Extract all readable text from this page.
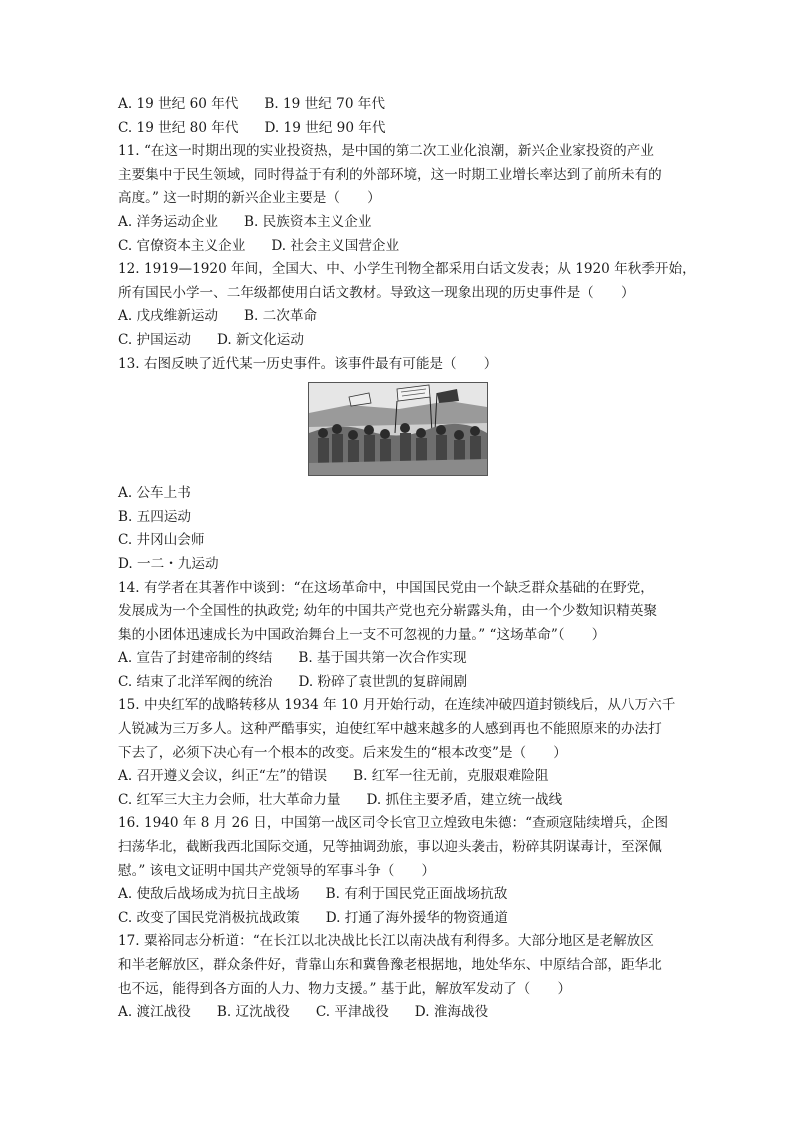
A. 19 世纪 60 年代 B. 19 世纪 70 年代
C. 19 世纪 80 年代 D. 19 世纪 90 年代
11. “在这一时期出现的实业投资热，是中国的第二次工业化浪潮，新兴企业家投资的产业
主要集中于民生领域，同时得益于有利的外部环境，这一时期工业增长率达到了前所未有的
高度。” 这一时期的新兴企业主要是（　　）
A. 洋务运动企业 B. 民族资本主义企业
C. 官僚资本主义企业 D. 社会主义国营企业
12. 1919—1920 年间，全国大、中、小学生刊物全都采用白话文发表；从 1920 年秋季开始，
所有国民小学一、二年级都使用白话文教材。导致这一现象出现的历史事件是（　　）
A. 戊戌维新运动 B. 二次革命
C. 护国运动 D. 新文化运动
13. 右图反映了近代某一历史事件。该事件最有可能是（　　）
A. 公车上书
B. 五四运动
C. 井冈山会师
D. 一二・九运动
14. 有学者在其著作中谈到：“在这场革命中，中国国民党由一个缺乏群众基础的在野党，
发展成为一个全国性的执政党; 幼年的中国共产党也充分崭露头角，由一个少数知识精英聚
集的小团体迅速成长为中国政治舞台上一支不可忽视的力量。” “这场革命”（　　）
A. 宣告了封建帝制的终结 B. 基于国共第一次合作实现
C. 结束了北洋军阀的统治 D. 粉碎了袁世凯的复辟闹剧
15. 中央红军的战略转移从 1934 年 10 月开始行动，在连续冲破四道封锁线后，从八万六千
人锐减为三万多人。这种严酷事实，迫使红军中越来越多的人感到再也不能照原来的办法打
下去了，必须下决心有一个根本的改变。后来发生的“根本改变”是（　　）
A. 召开遵义会议，纠正“左”的错误 B. 红军一往无前，克服艰难险阻
C. 红军三大主力会师，壮大革命力量 D. 抓住主要矛盾，建立统一战线
16. 1940 年 8 月 26 日，中国第一战区司令长官卫立煌致电朱德：“查顽寇陆续增兵，企图
扫荡华北，截断我西北国际交通，兄等抽调劲旅，事以迎头袭击，粉碎其阴谋毒计，至深佩
慰。” 该电文证明中国共产党领导的军事斗争（　　）
A. 使敌后战场成为抗日主战场 B. 有利于国民党正面战场抗敌
C. 改变了国民党消极抗战政策 D. 打通了海外援华的物资通道
17. 粟裕同志分析道：“在长江以北决战比长江以南决战有利得多。大部分地区是老解放区
和半老解放区，群众条件好，背靠山东和冀鲁豫老根据地，地处华东、中原结合部，距华北
也不远，能得到各方面的人力、物力支援。” 基于此，解放军发动了（　　）
A. 渡江战役 B. 辽沈战役 C. 平津战役 D. 淮海战役
